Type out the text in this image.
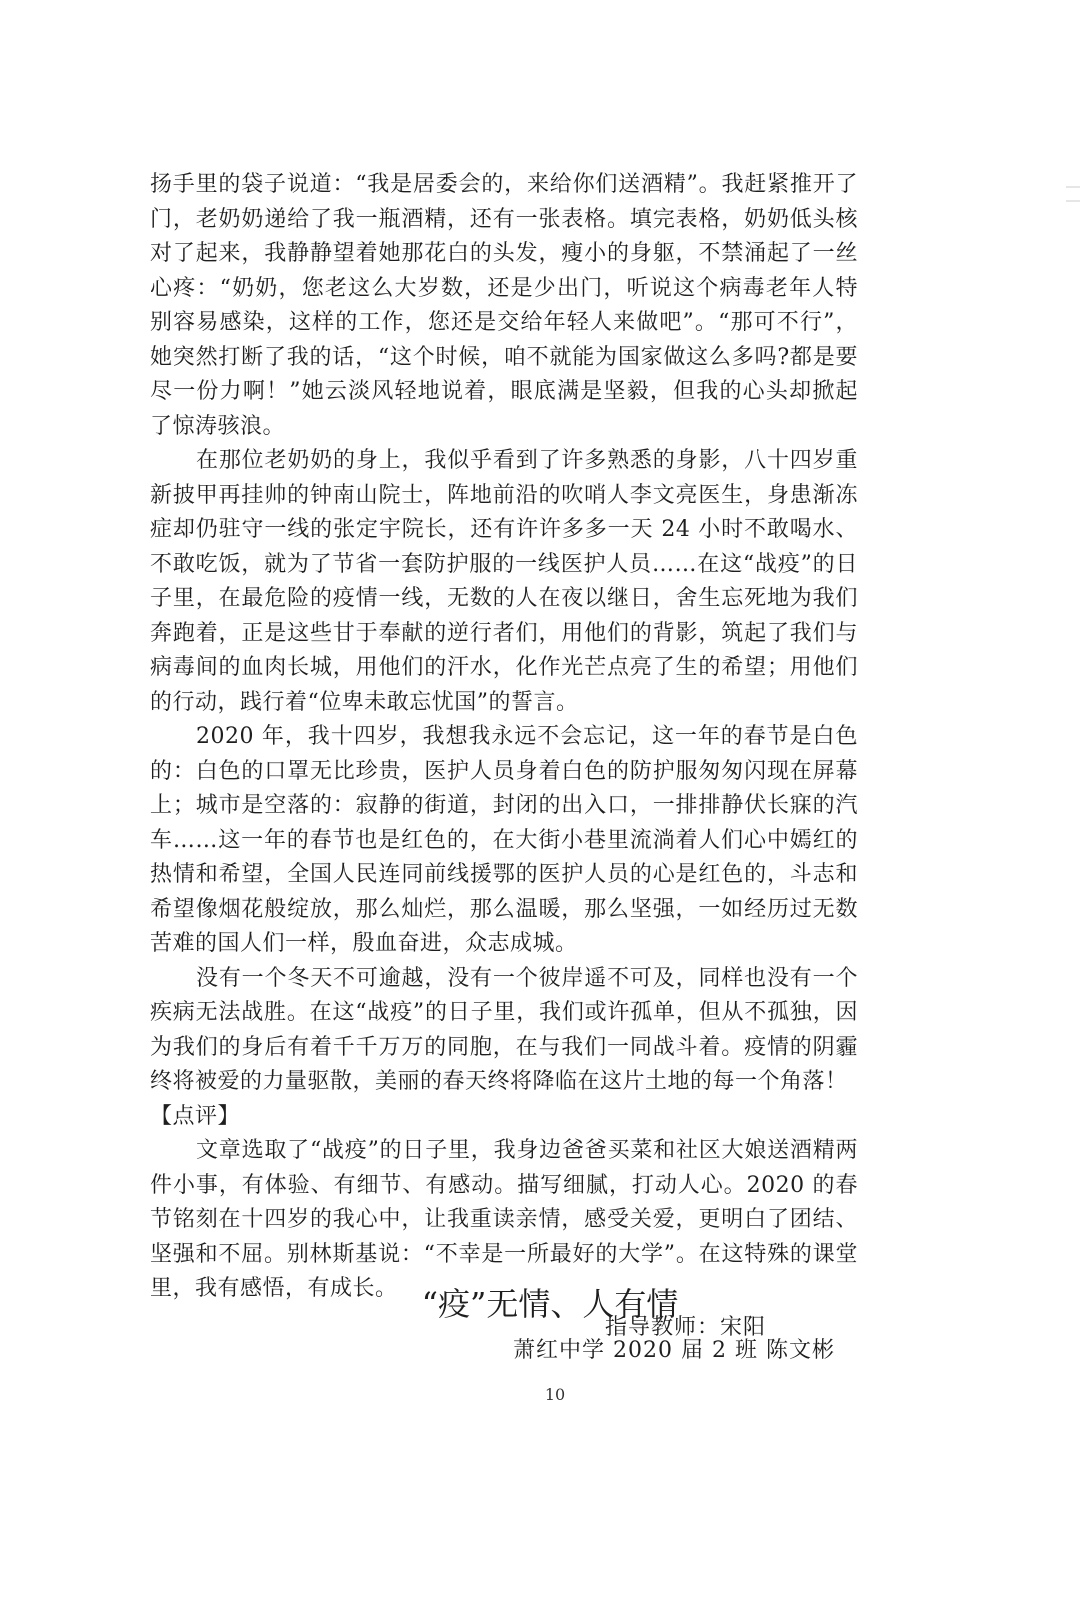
扬手里的袋子说道：“我是居委会的，来给你们送酒精”。我赶紧推开了门，老奶奶递给了我一瓶酒精，还有一张表格。填完表格，奶奶低头核对了起来，我静静望着她那花白的头发，瘦小的身躯，不禁涌起了一丝心疼：“奶奶，您老这么大岁数，还是少出门，听说这个病毒老年人特别容易感染，这样的工作，您还是交给年轻人来做吧”。“那可不行”，她突然打断了我的话，“这个时候，咱不就能为国家做这么多吗?都是要尽一份力啊！”她云淡风轻地说着，眼底满是坚毅，但我的心头却掀起了惊涛骇浪。

在那位老奶奶的身上，我似乎看到了许多熟悉的身影，八十四岁重新披甲再挂帅的钟南山院士，阵地前沿的吹哨人李文亮医生，身患渐冻症却仍驻守一线的张定宇院长，还有许许多多一天 24 小时不敢喝水、不敢吃饭，就为了节省一套防护服的一线医护人员……在这“战疫”的日子里，在最危险的疫情一线，无数的人在夜以继日，舍生忘死地为我们奔跑着，正是这些甘于奉献的逆行者们，用他们的背影，筑起了我们与病毒间的血肉长城，用他们的汗水，化作光芒点亮了生的希望；用他们的行动，践行着“位卑未敢忘忧国”的誓言。

2020 年，我十四岁，我想我永远不会忘记，这一年的春节是白色的：白色的口罩无比珍贵，医护人员身着白色的防护服匆匆闪现在屏幕上；城市是空落的：寂静的街道，封闭的出入口，一排排静伏长寐的汽车……这一年的春节也是红色的，在大街小巷里流淌着人们心中嫣红的热情和希望，全国人民连同前线援鄂的医护人员的心是红色的，斗志和希望像烟花般绽放，那么灿烂，那么温暖，那么坚强，一如经历过无数苦难的国人们一样，殷血奋进，众志成城。

没有一个冬天不可逾越，没有一个彼岸遥不可及，同样也没有一个疾病无法战胜。在这“战疫”的日子里，我们或许孤单，但从不孤独，因为我们的身后有着千千万万的同胞，在与我们一同战斗着。疫情的阴霾终将被爱的力量驱散，美丽的春天终将降临在这片土地的每一个角落！

【点评】

文章选取了“战疫”的日子里，我身边爸爸买菜和社区大娘送酒精两件小事，有体验、有细节、有感动。描写细腻，打动人心。2020 的春节铭刻在十四岁的我心中，让我重读亲情，感受关爱，更明白了团结、坚强和不屈。别林斯基说：“不幸是一所最好的大学”。在这特殊的课堂里，我有感悟，有成长。

指导教师：宋阳

“疫”无情、人有情

萧红中学 2020 届 2 班 陈文彬

10
